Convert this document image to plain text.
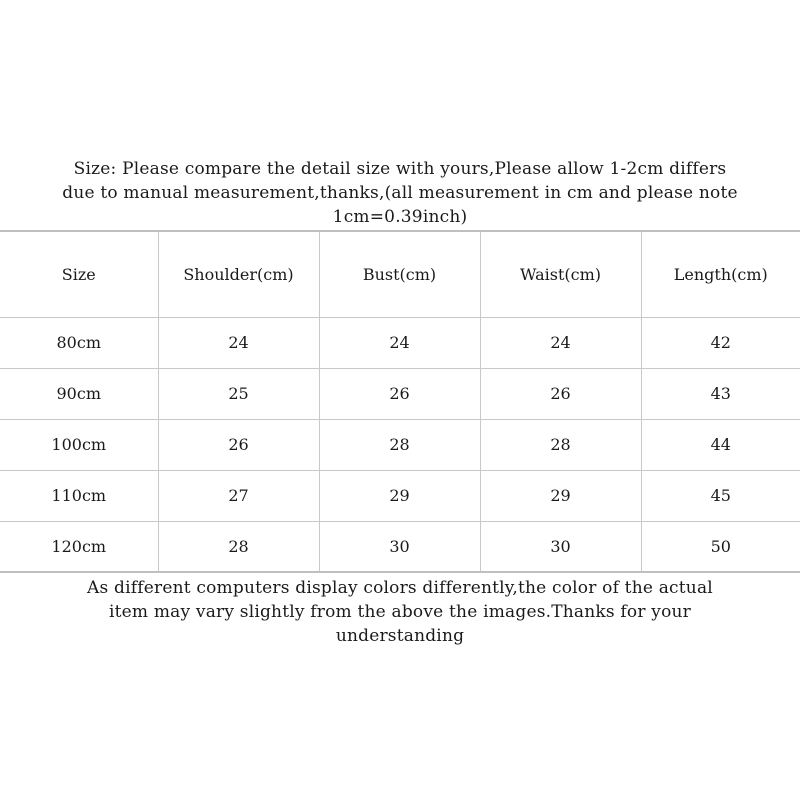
Size: Please compare the detail size with yours,Please allow 1-2cm differs
due to manual measurement,thanks,(all measurement in cm and please note
1cm=0.39inch)
Size	Shoulder(cm)	Bust(cm)	Waist(cm)	Length(cm)
80cm	24	24	24	42
90cm	25	26	26	43
100cm	26	28	28	44
110cm	27	29	29	45
120cm	28	30	30	50
As different computers display colors differently,the color of the actual
item may vary slightly from the above the images.Thanks for your
understanding
